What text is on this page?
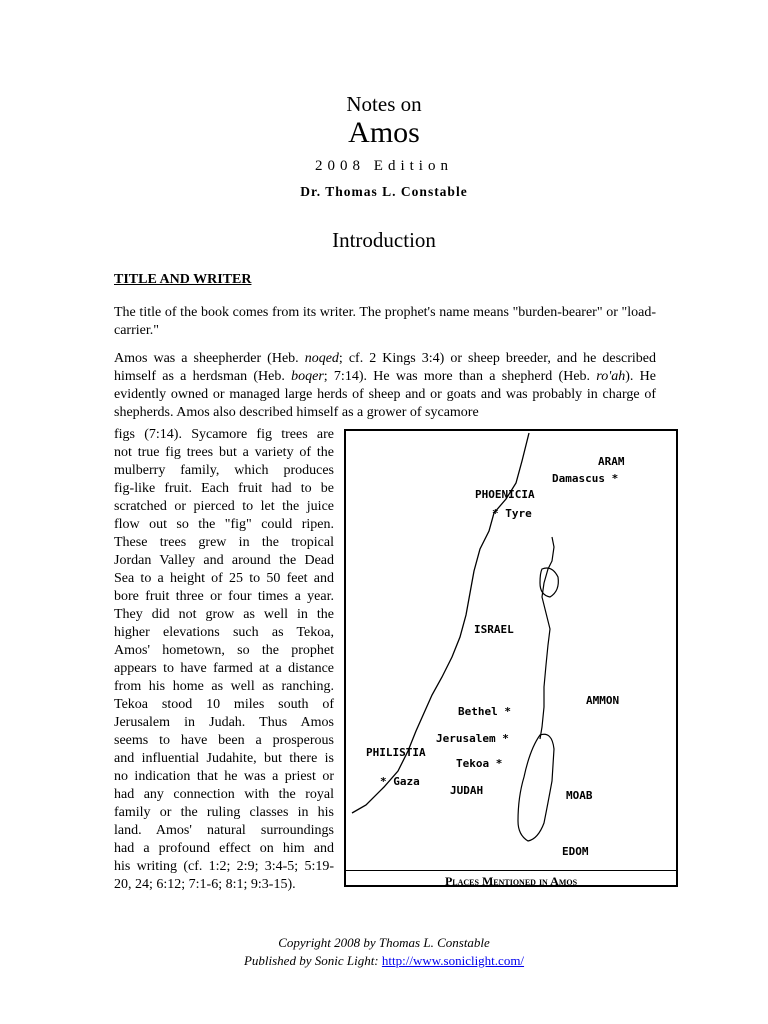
Notes on
Amos
2008 Edition
Dr. Thomas L. Constable
Introduction
TITLE AND WRITER
The title of the book comes from its writer. The prophet's name means "burden-bearer" or "load-carrier."
Amos was a sheepherder (Heb. noqed; cf. 2 Kings 3:4) or sheep breeder, and he described himself as a herdsman (Heb. boqer; 7:14). He was more than a shepherd (Heb. ro'ah). He evidently owned or managed large herds of sheep and or goats and was probably in charge of shepherds. Amos also described himself as a grower of sycamore
figs (7:14). Sycamore fig trees are
not true fig trees but a variety of the
mulberry family, which produces
fig-like fruit. Each fruit had to be
scratched or pierced to let the juice
flow out so the "fig" could ripen.
These trees grew in the tropical
Jordan Valley and around the Dead
Sea to a height of 25 to 50 feet and
bore fruit three or four times a year.
They did not grow as well in the
higher elevations such as Tekoa,
Amos' hometown, so the prophet
appears to have farmed at a distance
from his home as well as ranching.
Tekoa stood 10 miles south of
Jerusalem in Judah. Thus Amos
seems to have been a prosperous
and influential Judahite, but there is
no indication that he was a priest or
had any connection with the royal
family or the ruling classes in his
land. Amos' natural surroundings
had a profound effect on him and
his writing (cf. 1:2; 2:9; 3:4-5; 5:19-
20, 24; 6:12; 7:1-6; 8:1; 9:3-15).
ARAM
Damascus *
PHOENICIA
* Tyre
ISRAEL
AMMON
Bethel *
Jerusalem *
PHILISTIA
Tekoa *
* Gaza
JUDAH	MOAB
EDOM
Places Mentioned in Amos
Copyright 2008 by Thomas L. Constable
Published by Sonic Light: http://www.soniclight.com/
